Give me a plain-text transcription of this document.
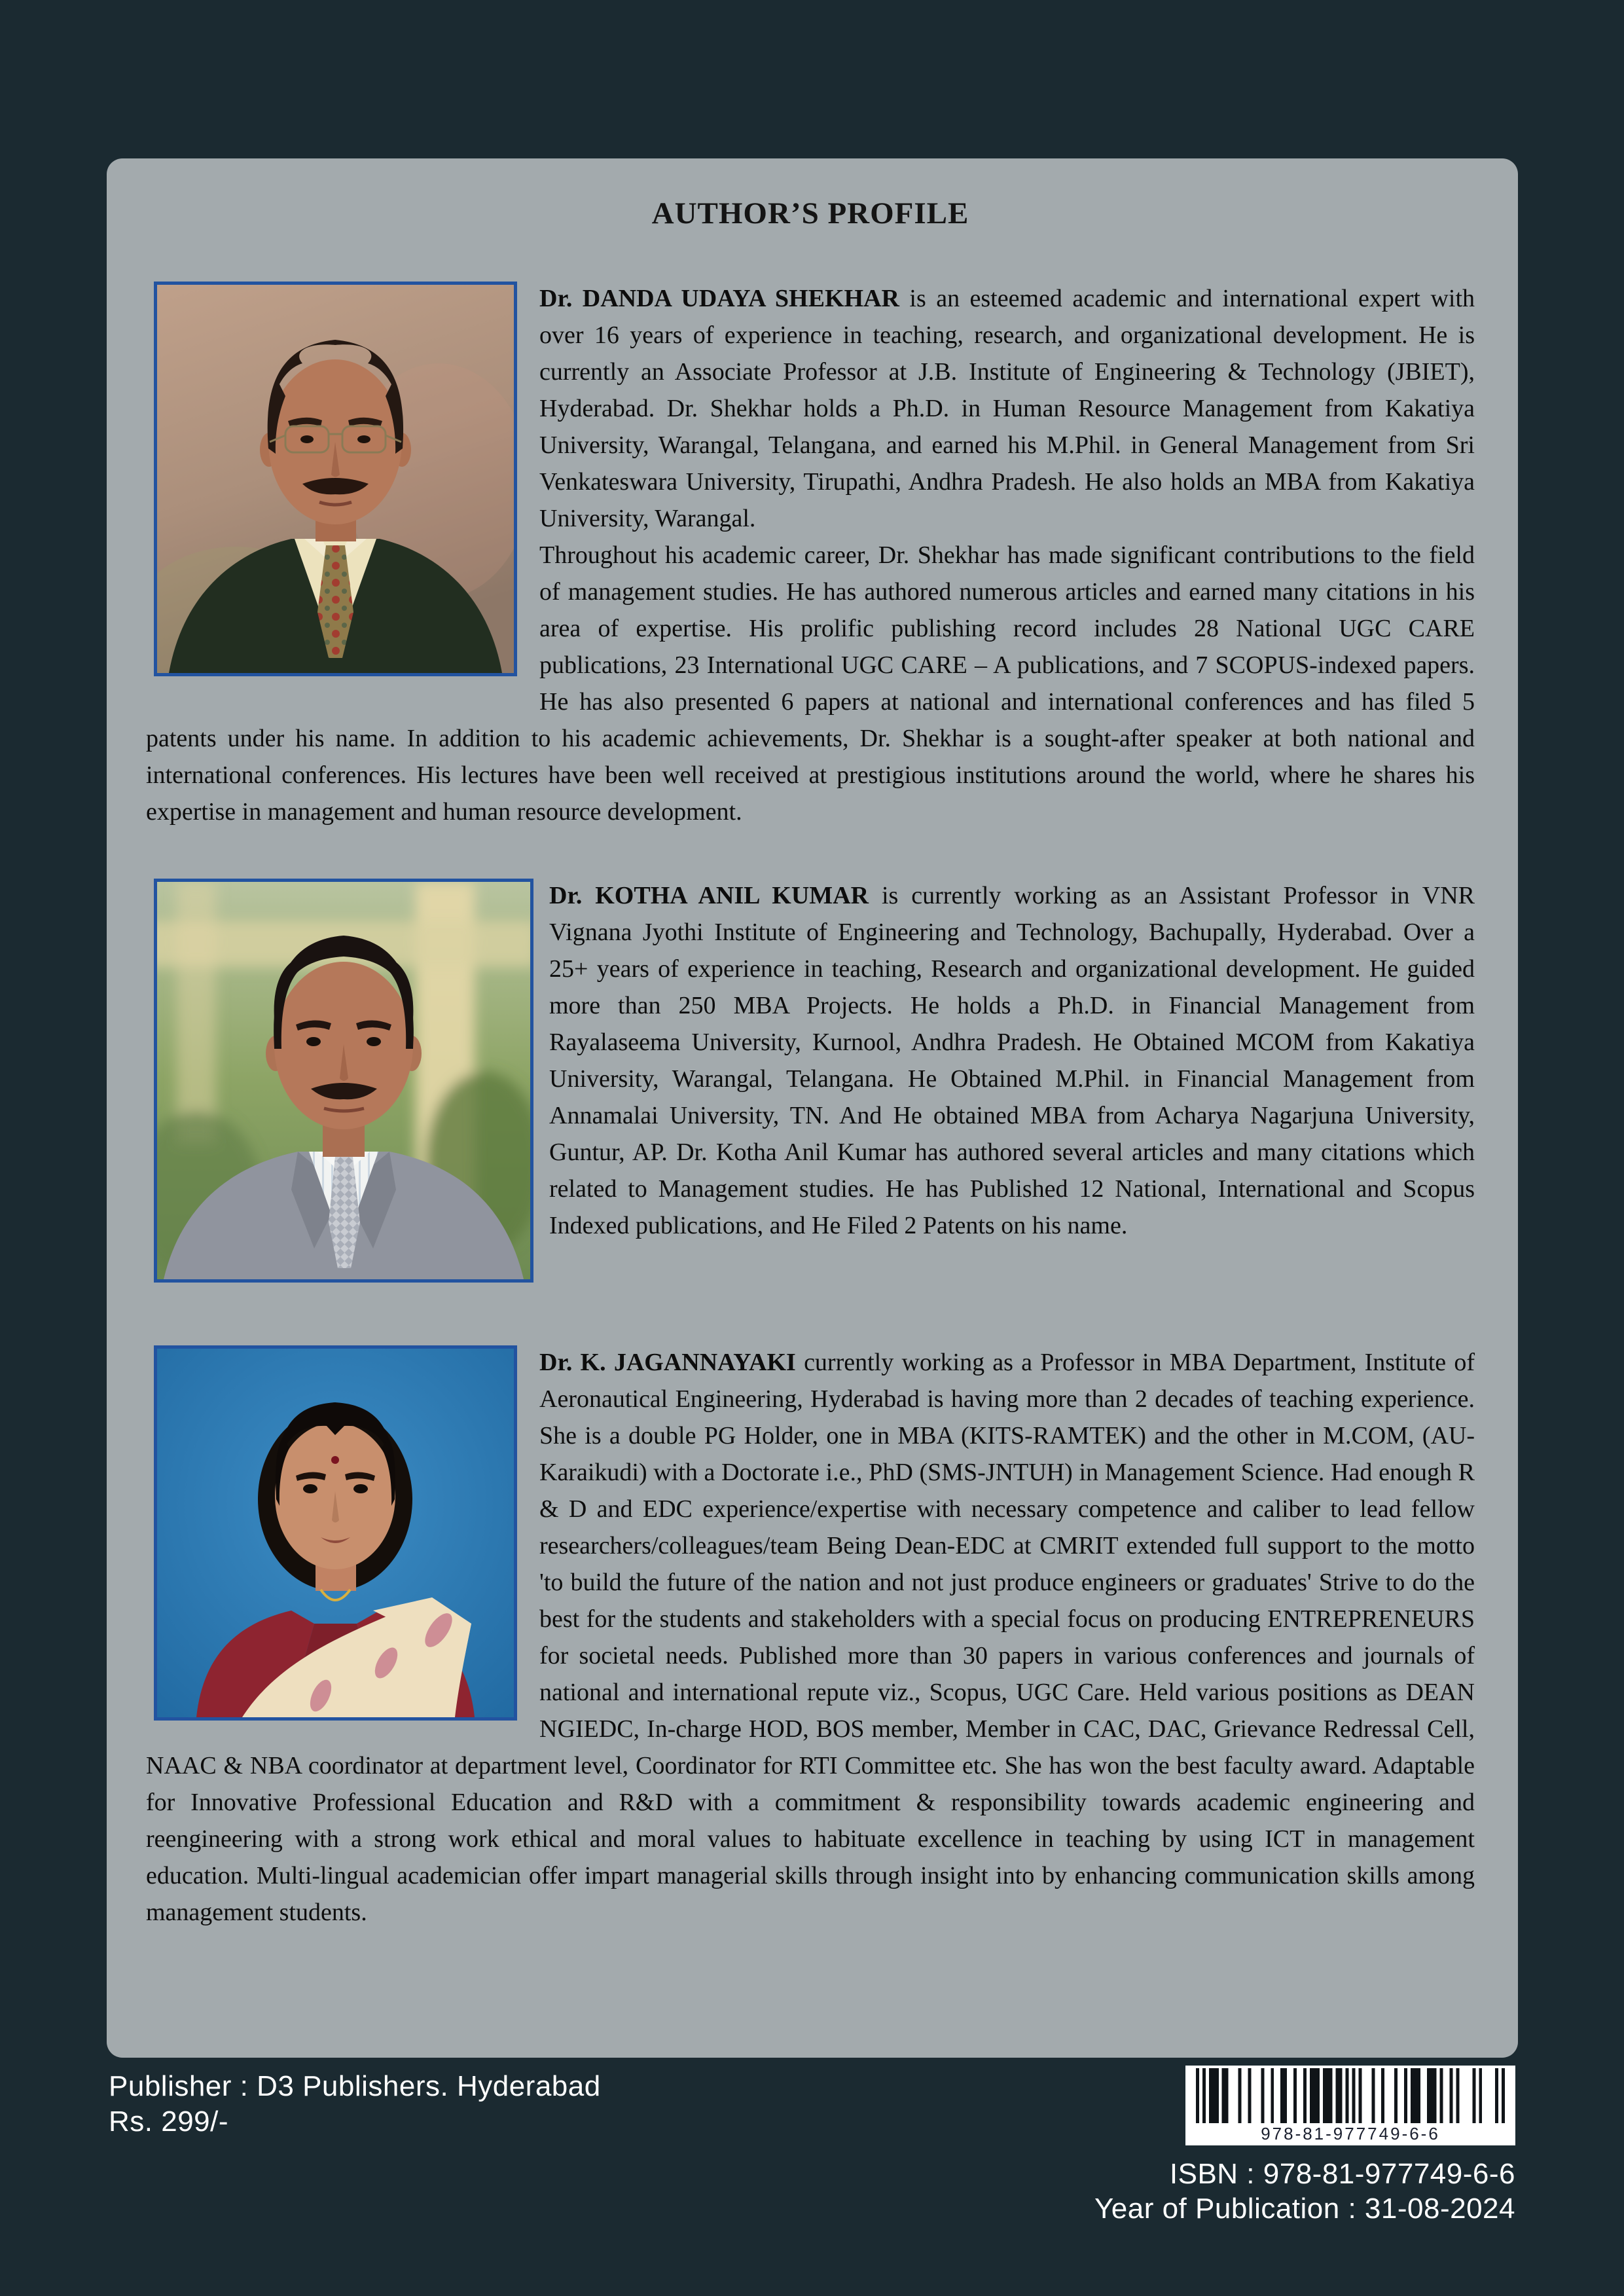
AUTHOR’S PROFILE

Dr. DANDA UDAYA SHEKHAR is an esteemed academic and international expert with over 16 years of experience in teaching, research, and organizational development. He is currently an Associate Professor at J.B. Institute of Engineering & Technology (JBIET), Hyderabad. Dr. Shekhar holds a Ph.D. in Human Resource Management from Kakatiya University, Warangal, Telangana, and earned his M.Phil. in General Management from Sri Venkateswara University, Tirupathi, Andhra Pradesh. He also holds an MBA from Kakatiya University, Warangal.

Throughout his academic career, Dr. Shekhar has made significant contributions to the field of management studies. He has authored numerous articles and earned many citations in his area of expertise. His prolific publishing record includes 28 National UGC CARE publications, 23 International UGC CARE – A publications, and 7 SCOPUS-indexed papers. He has also presented 6 papers at national and international conferences and has filed 5 patents under his name. In addition to his academic achievements, Dr. Shekhar is a sought-after speaker at both national and international conferences. His lectures have been well received at prestigious institutions around the world, where he shares his expertise in management and human resource development.

Dr. KOTHA ANIL KUMAR is currently working as an Assistant Professor in VNR Vignana Jyothi Institute of Engineering and Technology, Bachupally, Hyderabad. Over a 25+ years of experience in teaching, Research and organizational development. He guided more than 250 MBA Projects. He holds a Ph.D. in Financial Management from Rayalaseema University, Kurnool, Andhra Pradesh. He Obtained MCOM from Kakatiya University, Warangal, Telangana. He Obtained M.Phil. in Financial Management from Annamalai University, TN. And He obtained MBA from Acharya Nagarjuna University, Guntur, AP. Dr. Kotha Anil Kumar has authored several articles and many citations which related to Management studies. He has Published 12 National, International and Scopus Indexed publications, and He Filed 2 Patents on his name.

Dr. K. JAGANNAYAKI currently working as a Professor in MBA Department, Institute of Aeronautical Engineering, Hyderabad is having more than 2 decades of teaching experience. She is a double PG Holder, one in MBA (KITS-RAMTEK) and the other in M.COM, (AU-Karaikudi) with a Doctorate i.e., PhD (SMS-JNTUH) in Management Science. Had enough R & D and EDC experience/expertise with necessary competence and caliber to lead fellow researchers/colleagues/team Being Dean-EDC at CMRIT extended full support to the motto 'to build the future of the nation and not just produce engineers or graduates' Strive to do the best for the students and stakeholders with a special focus on producing ENTREPRENEURS for societal needs. Published more than 30 papers in various conferences and journals of national and international repute viz., Scopus, UGC Care. Held various positions as DEAN NGIEDC, In-charge HOD, BOS member, Member in CAC, DAC, Grievance Redressal Cell, NAAC & NBA coordinator at department level, Coordinator for RTI Committee etc. She has won the best faculty award. Adaptable for Innovative Professional Education and R&D with a commitment & responsibility towards academic engineering and reengineering with a strong work ethical and moral values to habituate excellence in teaching by using ICT in management education. Multi-lingual academician offer impart managerial skills through insight into by enhancing communication skills among management students.

Publisher : D3 Publishers. Hyderabad
Rs. 299/-	978-81-977749-6-6
ISBN : 978-81-977749-6-6
Year of Publication : 31-08-2024
